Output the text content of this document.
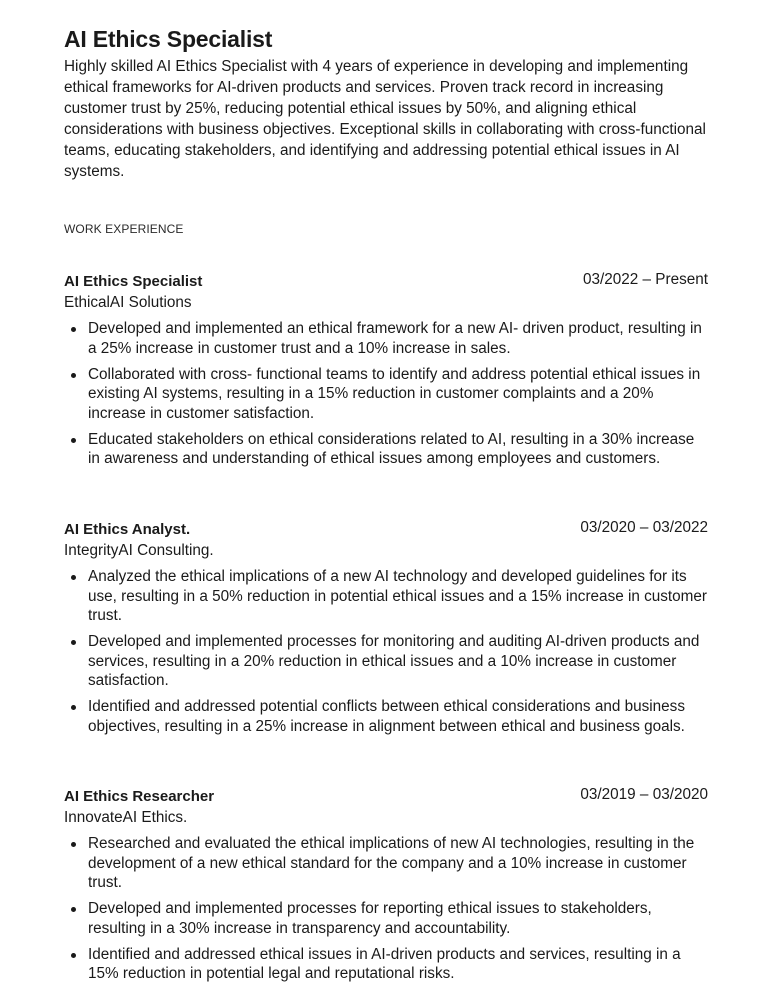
AI Ethics Specialist

Highly skilled AI Ethics Specialist with 4 years of experience in developing and implementing ethical frameworks for AI-driven products and services. Proven track record in increasing customer trust by 25%, reducing potential ethical issues by 50%, and aligning ethical considerations with business objectives. Exceptional skills in collaborating with cross-functional teams, educating stakeholders, and identifying and addressing potential ethical issues in AI systems.

WORK EXPERIENCE
AI Ethics Specialist	03/2022 – Present
EthicalAI Solutions
Developed and implemented an ethical framework for a new AI- driven product, resulting in a 25% increase in customer trust and a 10% increase in sales.
Collaborated with cross- functional teams to identify and address potential ethical issues in existing AI systems, resulting in a 15% reduction in customer complaints and a 20% increase in customer satisfaction.
Educated stakeholders on ethical considerations related to AI, resulting in a 30% increase in awareness and understanding of ethical issues among employees and customers.
AI Ethics Analyst.	03/2020 – 03/2022
IntegrityAI Consulting.
Analyzed the ethical implications of a new AI technology and developed guidelines for its use, resulting in a 50% reduction in potential ethical issues and a 15% increase in customer trust.
Developed and implemented processes for monitoring and auditing AI-driven products and services, resulting in a 20% reduction in ethical issues and a 10% increase in customer satisfaction.
Identified and addressed potential conflicts between ethical considerations and business objectives, resulting in a 25% increase in alignment between ethical and business goals.
AI Ethics Researcher	03/2019 – 03/2020
InnovateAI Ethics.
Researched and evaluated the ethical implications of new AI technologies, resulting in the development of a new ethical standard for the company and a 10% increase in customer trust.
Developed and implemented processes for reporting ethical issues to stakeholders, resulting in a 30% increase in transparency and accountability.
Identified and addressed ethical issues in AI-driven products and services, resulting in a 15% reduction in potential legal and reputational risks.
